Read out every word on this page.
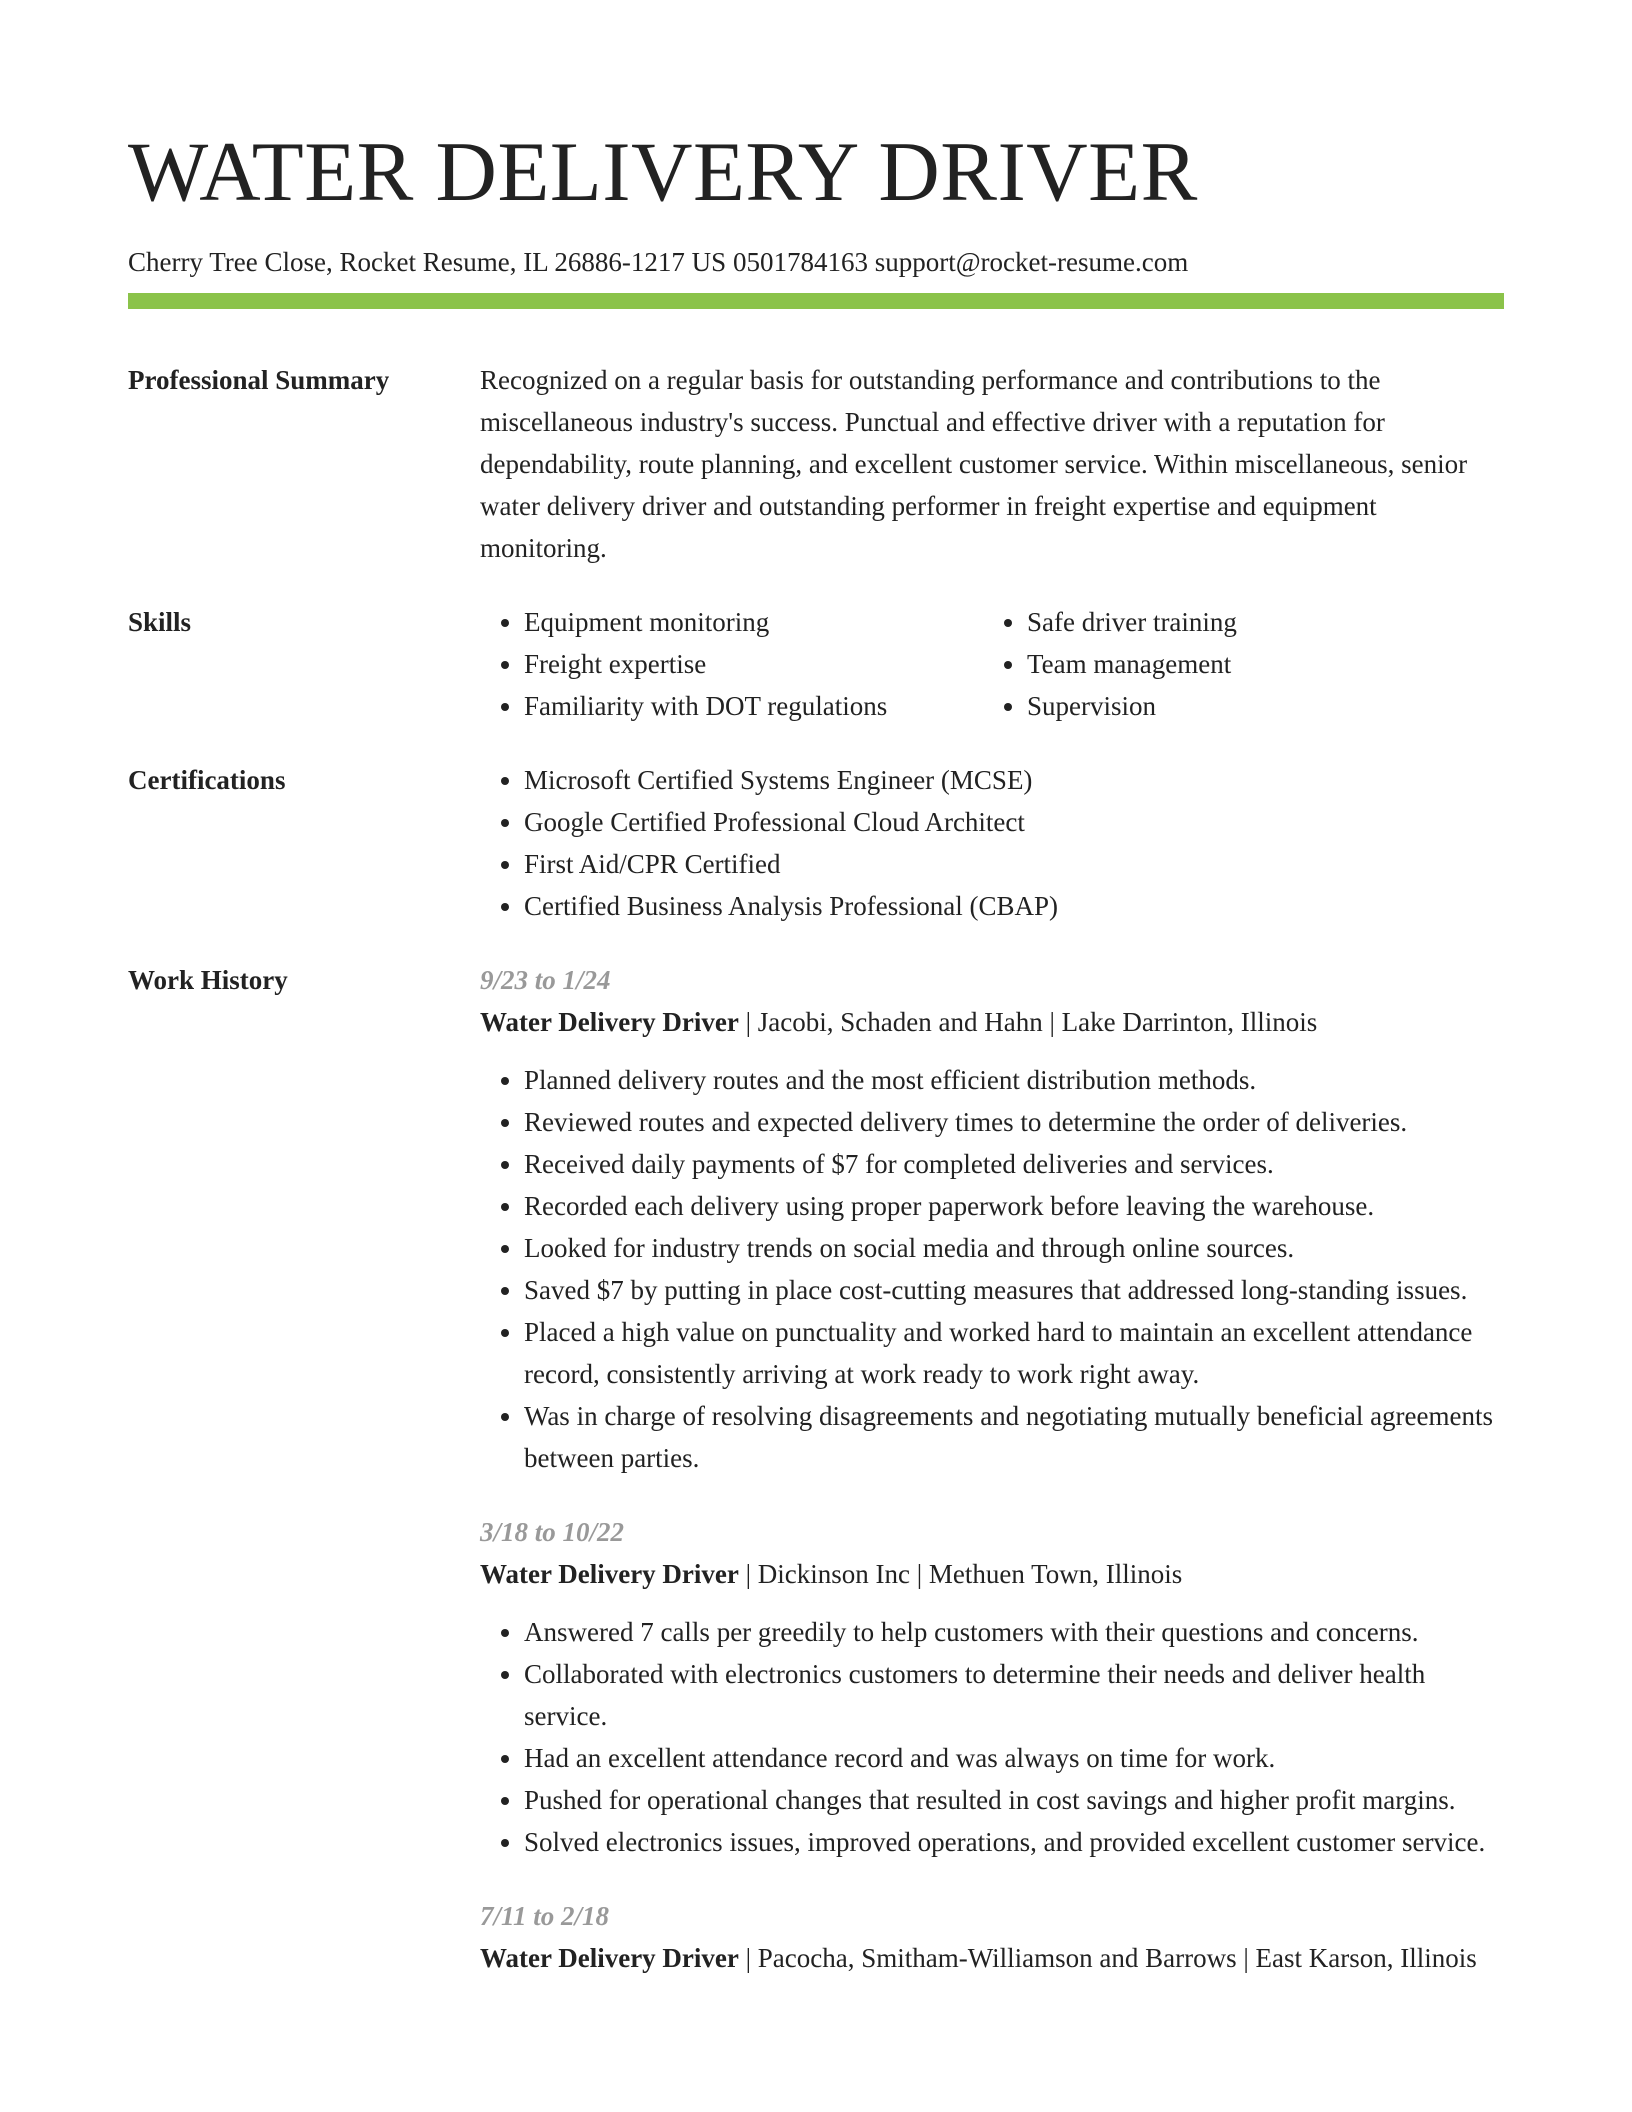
WATER DELIVERY DRIVER
Cherry Tree Close, Rocket Resume, IL 26886-1217 US 0501784163 support@rocket-resume.com
Professional Summary	Recognized on a regular basis for outstanding performance and contributions to the miscellaneous industry's success. Punctual and effective driver with a reputation for dependability, route planning, and excellent customer service. Within miscellaneous, senior water delivery driver and outstanding performer in freight expertise and equipment monitoring.

Skills	• Equipment monitoring
• Freight expertise
• Familiarity with DOT regulations
• Safe driver training
• Team management
• Supervision
Certifications	• Microsoft Certified Systems Engineer (MCSE)
• Google Certified Professional Cloud Architect
• First Aid/CPR Certified
• Certified Business Analysis Professional (CBAP)
Work History	9/23 to 1/24
Water Delivery Driver | Jacobi, Schaden and Hahn | Lake Darrinton, Illinois
• Planned delivery routes and the most efficient distribution methods.
• Reviewed routes and expected delivery times to determine the order of deliveries.
• Received daily payments of $7 for completed deliveries and services.
• Recorded each delivery using proper paperwork before leaving the warehouse.
• Looked for industry trends on social media and through online sources.
• Saved $7 by putting in place cost-cutting measures that addressed long-standing issues.
• Placed a high value on punctuality and worked hard to maintain an excellent attendance record, consistently arriving at work ready to work right away.
• Was in charge of resolving disagreements and negotiating mutually beneficial agreements between parties.
3/18 to 10/22
Water Delivery Driver | Dickinson Inc | Methuen Town, Illinois
• Answered 7 calls per greedily to help customers with their questions and concerns.
• Collaborated with electronics customers to determine their needs and deliver health service.
• Had an excellent attendance record and was always on time for work.
• Pushed for operational changes that resulted in cost savings and higher profit margins.
• Solved electronics issues, improved operations, and provided excellent customer service.
7/11 to 2/18
Water Delivery Driver | Pacocha, Smitham-Williamson and Barrows | East Karson, Illinois
